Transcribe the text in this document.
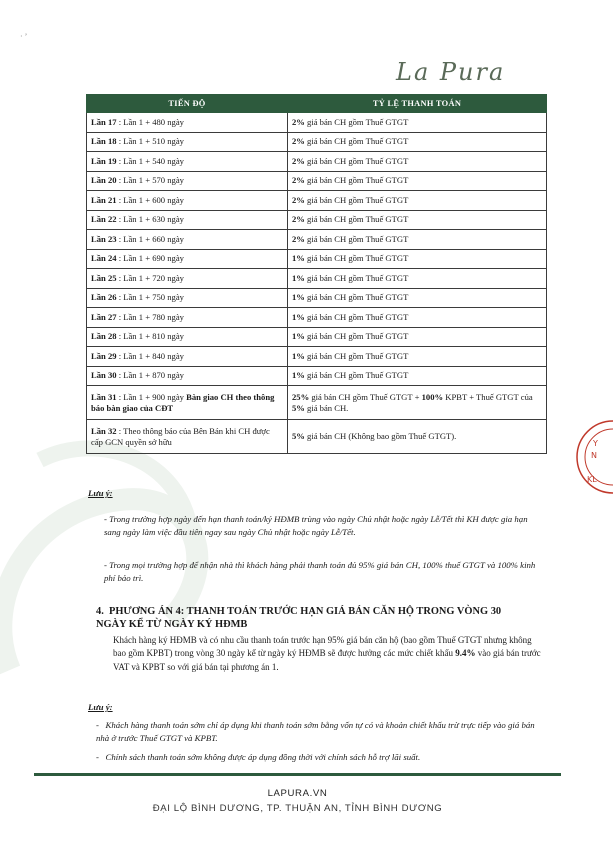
· ’
La Pura
Y
N
KL
TIẾN ĐỘ	TỶ LỆ THANH TOÁN
Lần 17 : Lần 1 + 480 ngày	2% giá bán CH gồm Thuế GTGT
Lần 18 : Lần 1 + 510 ngày	2% giá bán CH gồm Thuế GTGT
Lần 19 : Lần 1 + 540 ngày	2% giá bán CH gồm Thuế GTGT
Lần 20 : Lần 1 + 570 ngày	2% giá bán CH gồm Thuế GTGT
Lần 21 : Lần 1 + 600 ngày	2% giá bán CH gồm Thuế GTGT
Lần 22 : Lần 1 + 630 ngày	2% giá bán CH gồm Thuế GTGT
Lần 23 : Lần 1 + 660 ngày	2% giá bán CH gồm Thuế GTGT
Lần 24 : Lần 1 + 690 ngày	1% giá bán CH gồm Thuế GTGT
Lần 25 : Lần 1 + 720 ngày	1% giá bán CH gồm Thuế GTGT
Lần 26 : Lần 1 + 750 ngày	1% giá bán CH gồm Thuế GTGT
Lần 27 : Lần 1 + 780 ngày	1% giá bán CH gồm Thuế GTGT
Lần 28 : Lần 1 + 810 ngày	1% giá bán CH gồm Thuế GTGT
Lần 29 : Lần 1 + 840 ngày	1% giá bán CH gồm Thuế GTGT
Lần 30 : Lần 1 + 870 ngày	1% giá bán CH gồm Thuế GTGT
Lần 31 : Lần 1 + 900 ngày Bàn giao CH theo thông báo bàn giao của CĐT	25% giá bán CH gồm Thuế GTGT + 100% KPBT + Thuế GTGT của 5% giá bán CH.
Lần 32 : Theo thông báo của Bên Bán khi CH được cấp GCN quyền sở hữu	5% giá bán CH (Không bao gồm Thuế GTGT).
Lưu ý:
- Trong trường hợp ngày đến hạn thanh toán/ký HĐMB trùng vào ngày Chủ nhật hoặc ngày Lễ/Tết thì KH được gia hạn sang ngày làm việc đầu tiên ngay sau ngày Chủ nhật hoặc ngày Lễ/Tết.
- Trong mọi trường hợp để nhận nhà thì khách hàng phải thanh toán đủ 95% giá bán CH, 100% thuế GTGT và 100% kinh phí bảo trì.
4. PHƯƠNG ÁN 4: THANH TOÁN TRƯỚC HẠN GIÁ BÁN CĂN HỘ TRONG VÒNG 30 NGÀY KỂ TỪ NGÀY KÝ HĐMB
Khách hàng ký HĐMB và có nhu cầu thanh toán trước hạn 95% giá bán căn hộ (bao gồm Thuế GTGT nhưng không bao gồm KPBT) trong vòng 30 ngày kể từ ngày ký HĐMB sẽ được hưởng các mức chiết khấu 9.4% vào giá bán trước VAT và KPBT so với giá bán tại phương án 1.
Lưu ý:
-   Khách hàng thanh toán sớm chỉ áp dụng khi thanh toán sớm bằng vốn tự có và khoản chiết khấu trừ trực tiếp vào giá bán nhà ở trước Thuế GTGT và KPBT.
-   Chính sách thanh toán sớm không được áp dụng đồng thời với chính sách hỗ trợ lãi suất.
LAPURA.VN
ĐẠI LỘ BÌNH DƯƠNG, TP. THUẬN AN, TỈNH BÌNH DƯƠNG
